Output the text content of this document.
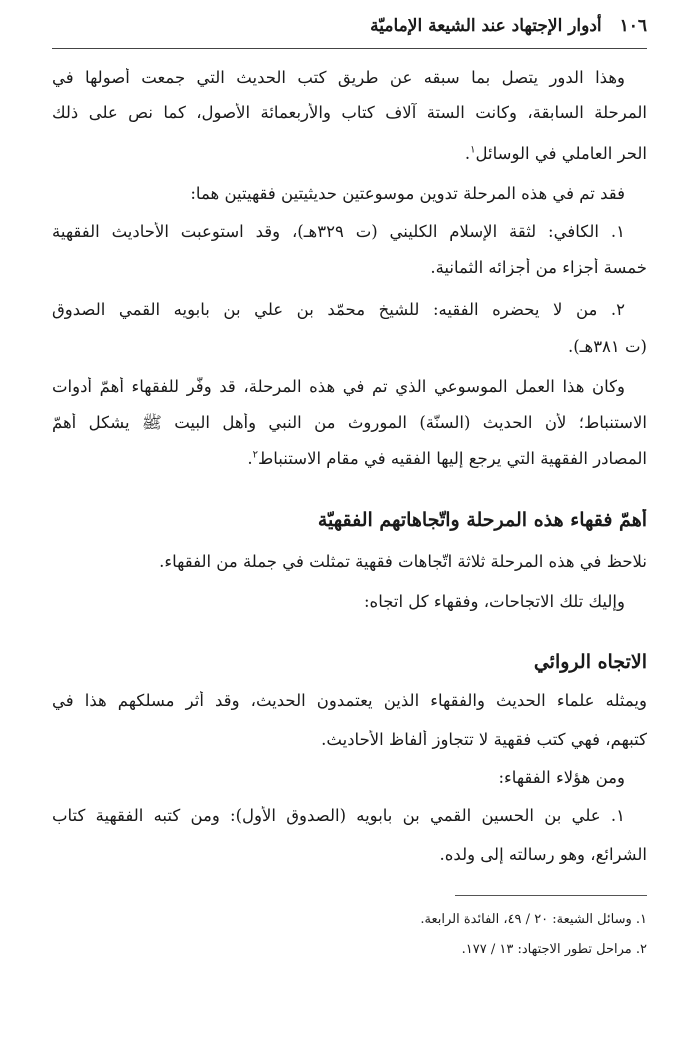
١٠٦ أدوار الإجتهاد عند الشيعة الإماميّة
وهذا الدور يتصل بما سبقه عن طريق كتب الحديث التي جمعت أصولها في
المرحلة السابقة، وكانت الستة آلاف كتاب والأربعمائة الأصول، كما نص على ذلك
الحر العاملي في الوسائل$^١$.
فقد تم في هذه المرحلة تدوين موسوعتين حديثيتين فقهيتين هما:
١. الكافي: لثقة الإسلام الكليني (ت ٣٢٩هـ)، وقد استوعبت الأحاديث الفقهية
خمسة أجزاء من أجزائه الثمانية.
٢. من لا يحضره الفقيه: للشيخ محمّد بن علي بن بابويه القمي الصدوق
(ت ٣٨١هـ).
وكان هذا العمل الموسوعي الذي تم في هذه المرحلة، قد وفّر للفقهاء أهمّ أدوات
الاستنباط؛ لأن الحديث (السنّة) الموروث من النبي وأهل البيت ﷺ يشكل أهمّ
المصادر الفقهية التي يرجع إليها الفقيه في مقام الاستنباط$^٢$.
أهمّ فقهاء هذه المرحلة واتّجاهاتهم الفقهيّة
نلاحظ في هذه المرحلة ثلاثة اتّجاهات فقهية تمثلت في جملة من الفقهاء.
وإليك تلك الاتجاحات، وفقهاء كل اتجاه:
الاتجاه الروائي
ويمثله علماء الحديث والفقهاء الذين يعتمدون الحديث، وقد أثر مسلكهم هذا في
كتبهم، فهي كتب فقهية لا تتجاوز ألفاظ الأحاديث.
ومن هؤلاء الفقهاء:
١. علي بن الحسين القمي بن بابويه (الصدوق الأول): ومن كتبه الفقهية كتاب
الشرائع، وهو رسالته إلى ولده.
١. وسائل الشيعة: ٢٠ / ٤٩، الفائدة الرابعة.
٢. مراحل تطور الاجتهاد: ١٣ / ١٧٧.
